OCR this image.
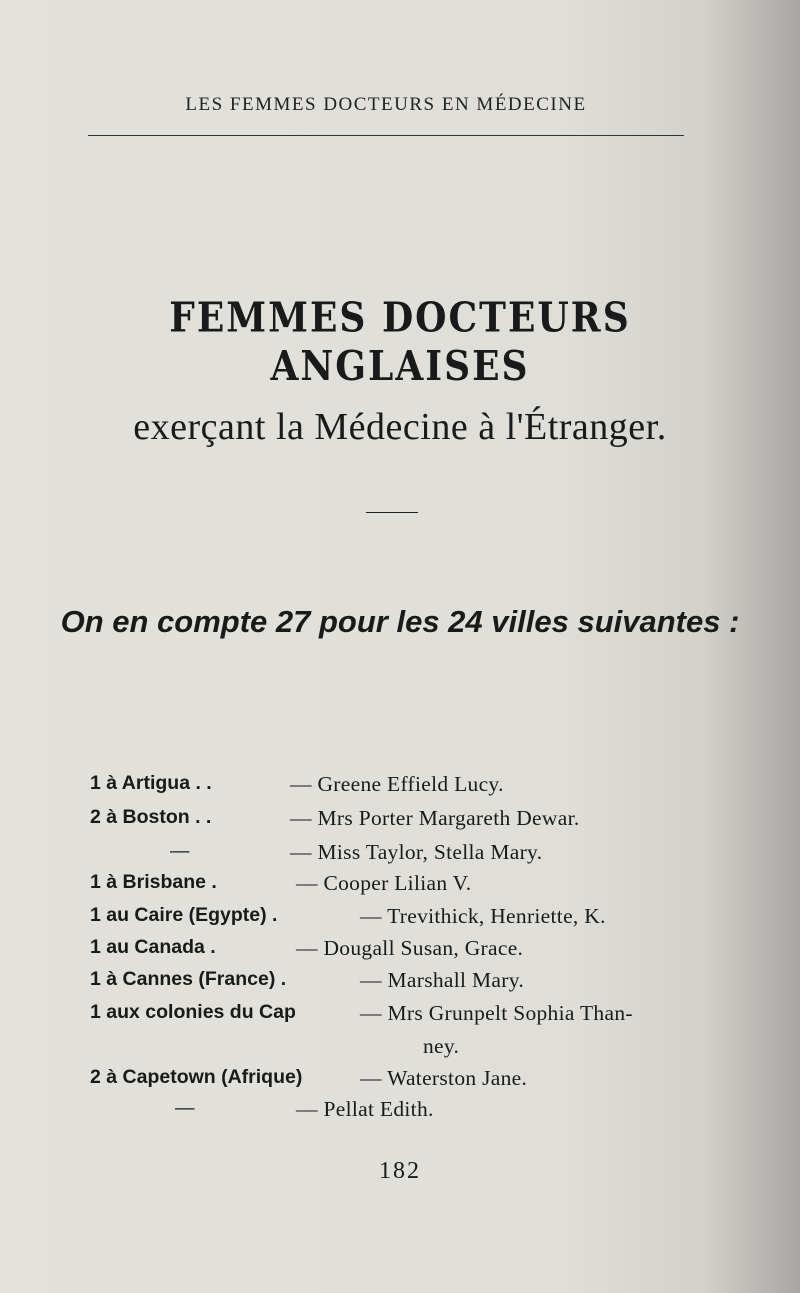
LES FEMMES DOCTEURS EN MÉDECINE
FEMMES DOCTEURS ANGLAISES
exerçant la Médecine à l'Étranger.
On en compte 27 pour les 24 villes suivantes :
1 à Artigua . .	— Greene Effield Lucy.
2 à Boston . .	— Mrs Porter Margareth Dewar.
—	— Miss Taylor, Stella Mary.
1 à Brisbane .	— Cooper Lilian V.
1 au Caire (Egypte) .	— Trevithick, Henriette, K.
1 au Canada .	— Dougall Susan, Grace.
1 à Cannes (France) .	— Marshall Mary.
1 aux colonies du Cap	— Mrs Grunpelt Sophia Than-
ney.
2 à Capetown (Afrique)	— Waterston Jane.
—	— Pellat Edith.
182
